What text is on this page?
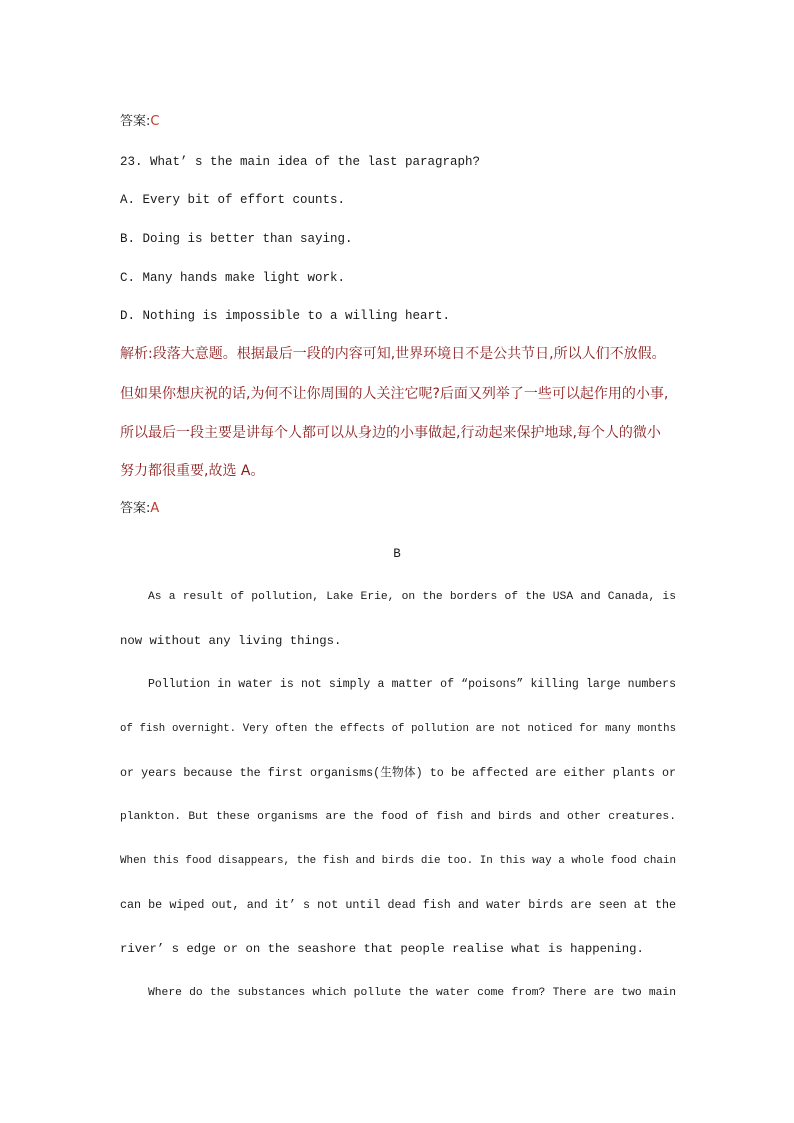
答案:C

23. What’ s the main idea of the last paragraph?

A. Every bit of effort counts.

B. Doing is better than saying.

C. Many hands make light work.

D. Nothing is impossible to a willing heart.

解析:段落大意题。根据最后一段的内容可知,世界环境日不是公共节日,所以人们不放假。

但如果你想庆祝的话,为何不让你周围的人关注它呢?后面又列举了一些可以起作用的小事,

所以最后一段主要是讲每个人都可以从身边的小事做起,行动起来保护地球,每个人的微小

努力都很重要,故选 A。

答案:A

B

As a result of pollution, Lake Erie, on the borders of the USA and Canada, is

now without any living things.

Pollution in water is not simply a matter of “poisons” killing large numbers

of fish overnight. Very often the effects of pollution are not noticed for many months

or years because the first organisms(生物体) to be affected are either plants or

plankton. But these organisms are the food of fish and birds and other creatures.

When this food disappears, the fish and birds die too. In this way a whole food chain

can be wiped out, and it’ s not until dead fish and water birds are seen at the

river’ s edge or on the seashore that people realise what is happening.

Where do the substances which pollute the water come from? There are two main
